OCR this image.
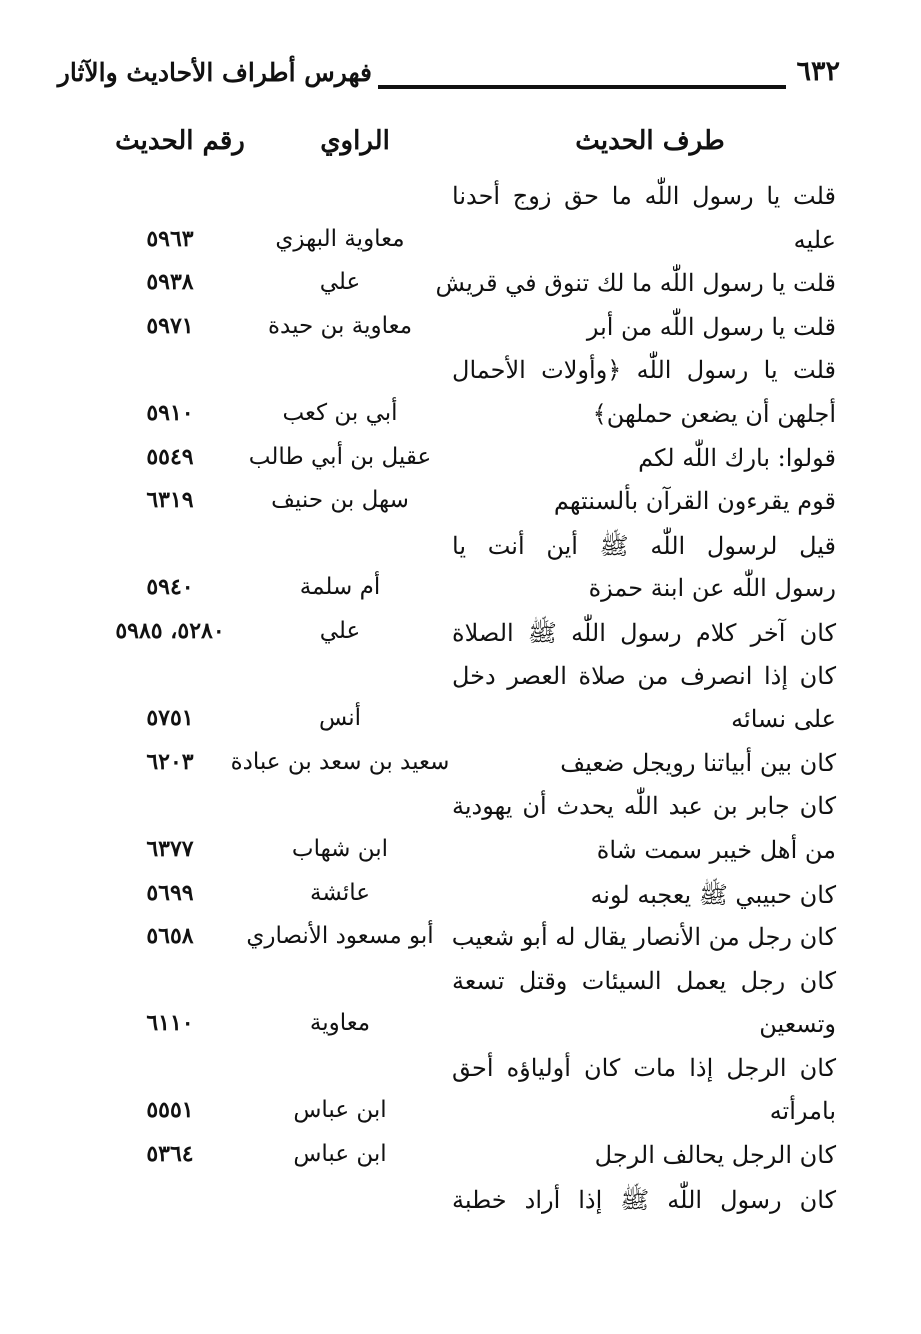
٦٣٢
فهرس أطراف الأحاديث والآثار
طرف الحديث
الراوي
رقم الحديث
قلت يا رسول اللّٰه ما حق زوج أحدنا
عليه
معاوية البهزي
٥٩٦٣
قلت يا رسول اللّٰه ما لك تنوق في قريش
علي
٥٩٣٨
قلت يا رسول اللّٰه من أبر
معاوية بن حيدة
٥٩٧١
قلت يا رسول اللّٰه ﴿وأولات الأحمال
أجلهن أن يضعن حملهن﴾
أبي بن كعب
٥٩١٠
قولوا: بارك اللّٰه لكم
عقيل بن أبي طالب
٥٥٤٩
قوم يقرءون القرآن بألسنتهم
سهل بن حنيف
٦٣١٩
قيل لرسول اللّٰه ﷺ أين أنت يا
رسول اللّٰه عن ابنة حمزة
أم سلمة
٥٩٤٠
كان آخر كلام رسول اللّٰه ﷺ الصلاة
علي
٥٢٨٠، ٥٩٨٥
كان إذا انصرف من صلاة العصر دخل
على نسائه
أنس
٥٧٥١
كان بين أبياتنا رويجل ضعيف
سعيد بن سعد بن عبادة
٦٢٠٣
كان جابر بن عبد اللّٰه يحدث أن يهودية
من أهل خيبر سمت شاة
ابن شهاب
٦٣٧٧
كان حبيبي ﷺ يعجبه لونه
عائشة
٥٦٩٩
كان رجل من الأنصار يقال له أبو شعيب
أبو مسعود الأنصاري
٥٦٥٨
كان رجل يعمل السيئات وقتل تسعة
وتسعين
معاوية
٦١١٠
كان الرجل إذا مات كان أولياؤه أحق
بامرأته
ابن عباس
٥٥٥١
كان الرجل يحالف الرجل
ابن عباس
٥٣٦٤
كان رسول اللّٰه ﷺ إذا أراد خطبة
